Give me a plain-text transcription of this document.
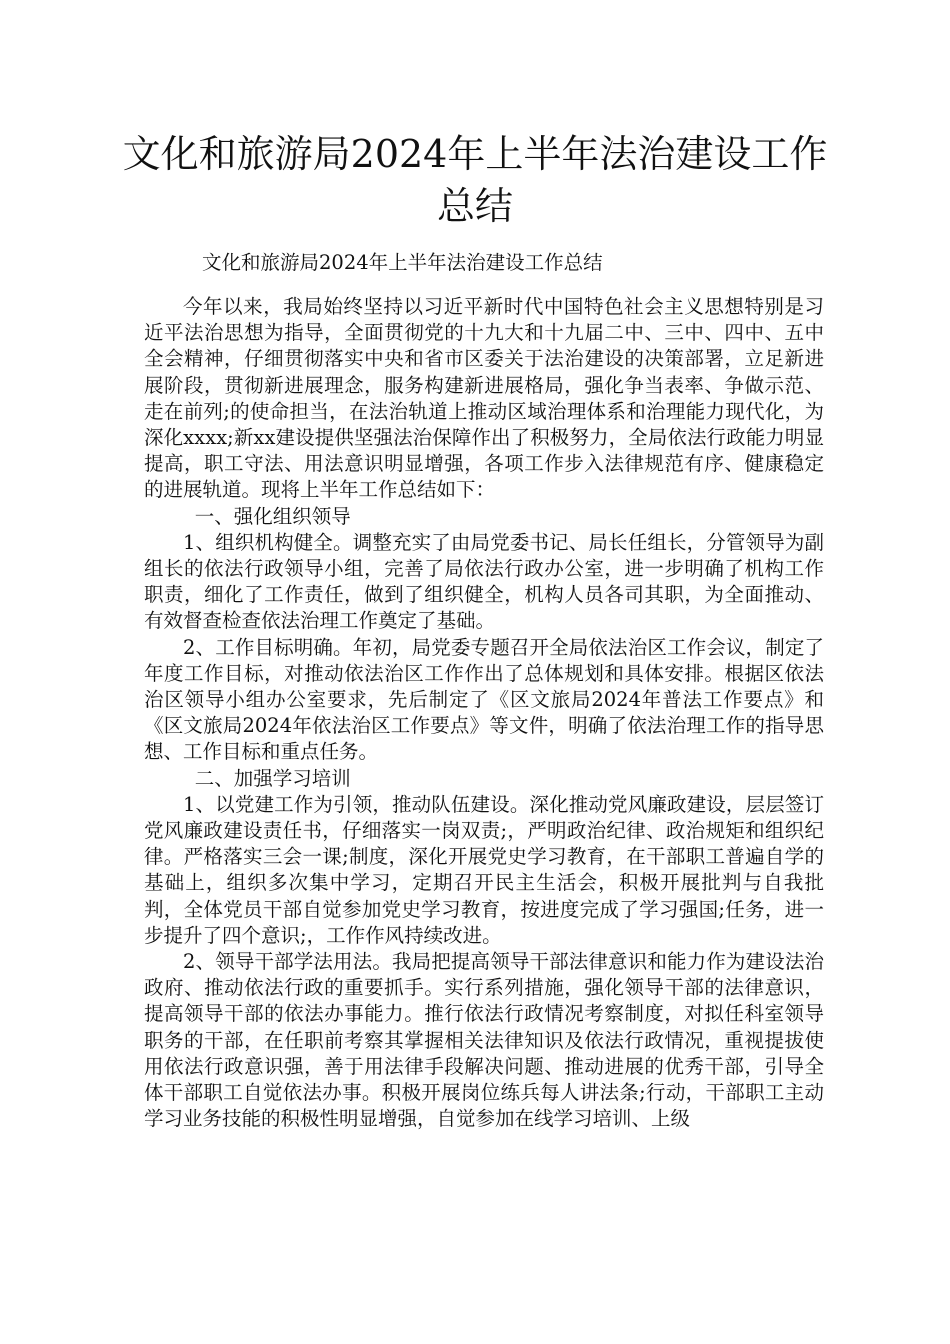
文化和旅游局2024年上半年法治建设工作总结
文化和旅游局2024年上半年法治建设工作总结

今年以来，我局始终坚持以习近平新时代中国特色社会主义思想特别是习近平法治思想为指导，全面贯彻党的十九大和十九届二中、三中、四中、五中全会精神，仔细贯彻落实中央和省市区委关于法治建设的决策部署，立足新进展阶段，贯彻新进展理念，服务构建新进展格局，强化争当表率、争做示范、走在前列;的使命担当，在法治轨道上推动区域治理体系和治理能力现代化，为深化xxxx;新xx建设提供坚强法治保障作出了积极努力，全局依法行政能力明显提高，职工守法、用法意识明显增强，各项工作步入法律规范有序、健康稳定的进展轨道。现将上半年工作总结如下：

一、强化组织领导

1、组织机构健全。调整充实了由局党委书记、局长任组长，分管领导为副组长的依法行政领导小组，完善了局依法行政办公室，进一步明确了机构工作职责，细化了工作责任，做到了组织健全，机构人员各司其职，为全面推动、有效督查检查依法治理工作奠定了基础。

2、工作目标明确。年初，局党委专题召开全局依法治区工作会议，制定了年度工作目标，对推动依法治区工作作出了总体规划和具体安排。根据区依法治区领导小组办公室要求，先后制定了《区文旅局2024年普法工作要点》和《区文旅局2024年依法治区工作要点》等文件，明确了依法治理工作的指导思想、工作目标和重点任务。

二、加强学习培训

1、以党建工作为引领，推动队伍建设。深化推动党风廉政建设，层层签订党风廉政建设责任书，仔细落实一岗双责;，严明政治纪律、政治规矩和组织纪律。严格落实三会一课;制度，深化开展党史学习教育，在干部职工普遍自学的基础上，组织多次集中学习，定期召开民主生活会，积极开展批判与自我批判，全体党员干部自觉参加党史学习教育，按进度完成了学习强国;任务，进一步提升了四个意识;，工作作风持续改进。

2、领导干部学法用法。我局把提高领导干部法律意识和能力作为建设法治政府、推动依法行政的重要抓手。实行系列措施，强化领导干部的法律意识，提高领导干部的依法办事能力。推行依法行政情况考察制度，对拟任科室领导职务的干部，在任职前考察其掌握相关法律知识及依法行政情况，重视提拔使用依法行政意识强，善于用法律手段解决问题、推动进展的优秀干部，引导全体干部职工自觉依法办事。积极开展岗位练兵每人讲法条;行动，干部职工主动学习业务技能的积极性明显增强，自觉参加在线学习培训、上级
